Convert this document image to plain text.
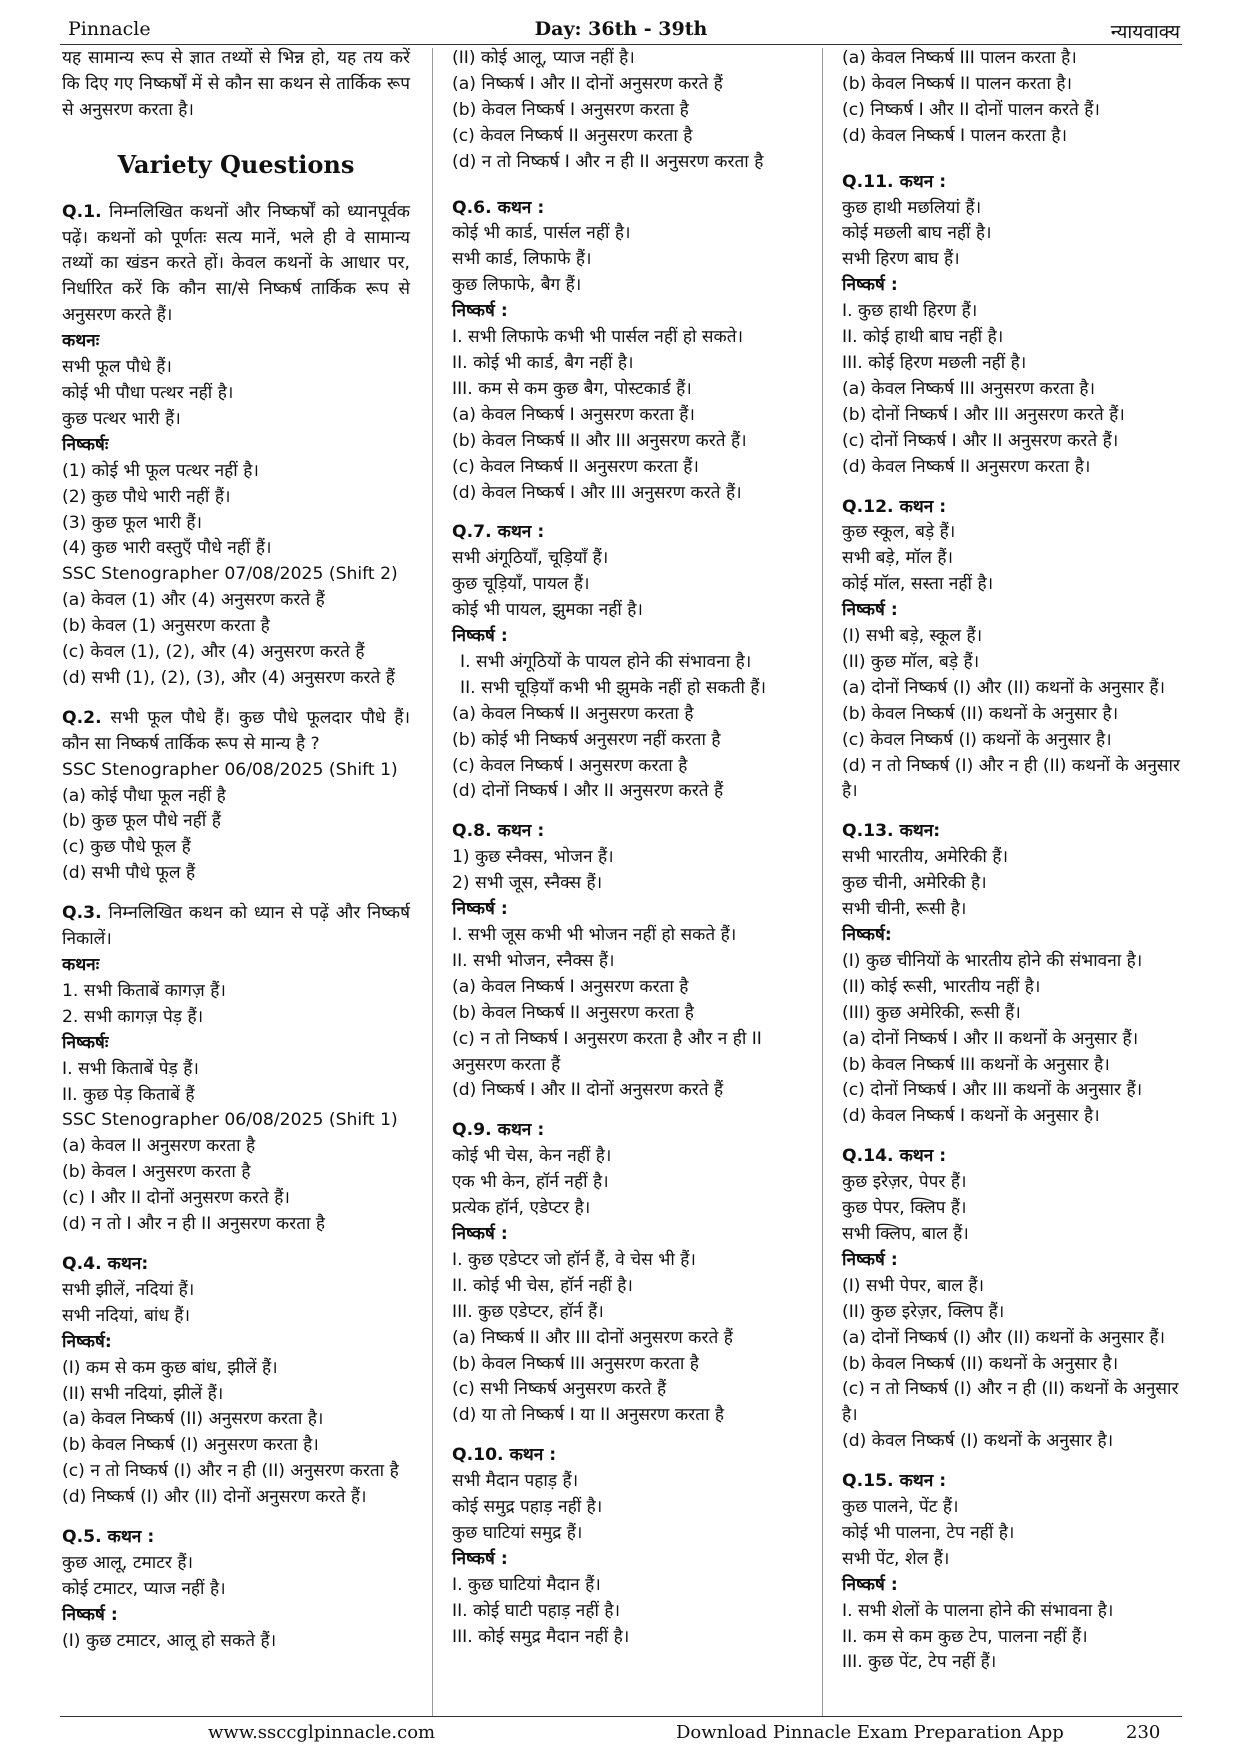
Pinnacle	Day: 36th - 39th	न्यायवाक्य

यह सामान्य रूप से ज्ञात तथ्यों से भिन्न हो, यह तय करें कि दिए गए निष्कर्षों में से कौन सा कथन से तार्किक रूप से अनुसरण करता है।

Variety Questions

Q.1. निम्नलिखित कथनों और निष्कर्षों को ध्यानपूर्वक पढ़ें। कथनों को पूर्णतः सत्य मानें, भले ही वे सामान्य तथ्यों का खंडन करते हों। केवल कथनों के आधार पर, निर्धारित करें कि कौन सा/से निष्कर्ष तार्किक रूप से अनुसरण करते हैं।

कथनः

सभी फूल पौधे हैं।

कोई भी पौधा पत्थर नहीं है।

कुछ पत्थर भारी हैं।

निष्कर्षः

(1) कोई भी फूल पत्थर नहीं है।

(2) कुछ पौधे भारी नहीं हैं।

(3) कुछ फूल भारी हैं।

(4) कुछ भारी वस्तुएँ पौधे नहीं हैं।

SSC Stenographer 07/08/2025 (Shift 2)

(a) केवल (1) और (4) अनुसरण करते हैं

(b) केवल (1) अनुसरण करता है

(c) केवल (1), (2), और (4) अनुसरण करते हैं

(d) सभी (1), (2), (3), और (4) अनुसरण करते हैं

Q.2. सभी फूल पौधे हैं। कुछ पौधे फूलदार पौधे हैं। कौन सा निष्कर्ष तार्किक रूप से मान्य है ?

SSC Stenographer 06/08/2025 (Shift 1)

(a) कोई पौधा फूल नहीं है

(b) कुछ फूल पौधे नहीं हैं

(c) कुछ पौधे फूल हैं

(d) सभी पौधे फूल हैं

Q.3. निम्नलिखित कथन को ध्यान से पढ़ें और निष्कर्ष निकालें।

कथनः

1. सभी किताबें कागज़ हैं।

2. सभी कागज़ पेड़ हैं।

निष्कर्षः

I. सभी किताबें पेड़ हैं।

II. कुछ पेड़ किताबें हैं

SSC Stenographer 06/08/2025 (Shift 1)

(a) केवल II अनुसरण करता है

(b) केवल I अनुसरण करता है

(c) I और II दोनों अनुसरण करते हैं।

(d) न तो I और न ही II अनुसरण करता है

Q.4. कथन:

सभी झीलें, नदियां हैं।

सभी नदियां, बांध हैं।

निष्कर्ष:

(I) कम से कम कुछ बांध, झीलें हैं।

(II) सभी नदियां, झीलें हैं।

(a) केवल निष्कर्ष (II) अनुसरण करता है।

(b) केवल निष्कर्ष (I) अनुसरण करता है।

(c) न तो निष्कर्ष (I) और न ही (II) अनुसरण करता है

(d) निष्कर्ष (I) और (II) दोनों अनुसरण करते हैं।

Q.5. कथन :

कुछ आलू, टमाटर हैं।

कोई टमाटर, प्याज नहीं है।

निष्कर्ष :

(I) कुछ टमाटर, आलू हो सकते हैं।

(II) कोई आलू, प्याज नहीं है।

(a) निष्कर्ष I और II दोनों अनुसरण करते हैं

(b) केवल निष्कर्ष I अनुसरण करता है

(c) केवल निष्कर्ष II अनुसरण करता है

(d) न तो निष्कर्ष I और न ही II अनुसरण करता है

Q.6. कथन :

कोई भी कार्ड, पार्सल नहीं है।

सभी कार्ड, लिफाफे हैं।

कुछ लिफाफे, बैग हैं।

निष्कर्ष :

I. सभी लिफाफे कभी भी पार्सल नहीं हो सकते।

II. कोई भी कार्ड, बैग नहीं है।

III. कम से कम कुछ बैग, पोस्टकार्ड हैं।

(a) केवल निष्कर्ष I अनुसरण करता हैं।

(b) केवल निष्कर्ष II और III अनुसरण करते हैं।

(c) केवल निष्कर्ष II अनुसरण करता हैं।

(d) केवल निष्कर्ष I और III अनुसरण करते हैं।

Q.7. कथन :

सभी अंगूठियाँ, चूड़ियाँ हैं।

कुछ चूड़ियाँ, पायल हैं।

कोई भी पायल, झुमका नहीं है।

निष्कर्ष :

I. सभी अंगूठियों के पायल होने की संभावना है।

II. सभी चूड़ियाँ कभी भी झुमके नहीं हो सकती हैं।

(a) केवल निष्कर्ष II अनुसरण करता है

(b) कोई भी निष्कर्ष अनुसरण नहीं करता है

(c) केवल निष्कर्ष I अनुसरण करता है

(d) दोनों निष्कर्ष I और II अनुसरण करते हैं

Q.8. कथन :

1) कुछ स्नैक्स, भोजन हैं।

2) सभी जूस, स्नैक्स हैं।

निष्कर्ष :

I. सभी जूस कभी भी भोजन नहीं हो सकते हैं।

II. सभी भोजन, स्नैक्स हैं।

(a) केवल निष्कर्ष I अनुसरण करता है

(b) केवल निष्कर्ष II अनुसरण करता है

(c) न तो निष्कर्ष I अनुसरण करता है और न ही II अनुसरण करता हैं

(d) निष्कर्ष I और II दोनों अनुसरण करते हैं

Q.9. कथन :

कोई भी चेस, केन नहीं है।

एक भी केन, हॉर्न नहीं है।

प्रत्येक हॉर्न, एडेप्टर है।

निष्कर्ष :

I. कुछ एडेप्टर जो हॉर्न हैं, वे चेस भी हैं।

II. कोई भी चेस, हॉर्न नहीं है।

III. कुछ एडेप्टर, हॉर्न हैं।

(a) निष्कर्ष II और III दोनों अनुसरण करते हैं

(b) केवल निष्कर्ष III अनुसरण करता है

(c) सभी निष्कर्ष अनुसरण करते हैं

(d) या तो निष्कर्ष I या II अनुसरण करता है

Q.10. कथन :

सभी मैदान पहाड़ हैं।

कोई समुद्र पहाड़ नहीं है।

कुछ घाटियां समुद्र हैं।

निष्कर्ष :

I. कुछ घाटियां मैदान हैं।

II. कोई घाटी पहाड़ नहीं है।

III. कोई समुद्र मैदान नहीं है।

(a) केवल निष्कर्ष III पालन करता है।

(b) केवल निष्कर्ष II पालन करता है।

(c) निष्कर्ष I और II दोनों पालन करते हैं।

(d) केवल निष्कर्ष I पालन करता है।

Q.11. कथन :

कुछ हाथी मछलियां हैं।

कोई मछली बाघ नहीं है।

सभी हिरण बाघ हैं।

निष्कर्ष :

I. कुछ हाथी हिरण हैं।

II. कोई हाथी बाघ नहीं है।

III. कोई हिरण मछली नहीं है।

(a) केवल निष्कर्ष III अनुसरण करता है।

(b) दोनों निष्कर्ष I और III अनुसरण करते हैं।

(c) दोनों निष्कर्ष I और II अनुसरण करते हैं।

(d) केवल निष्कर्ष II अनुसरण करता है।

Q.12. कथन :

कुछ स्कूल, बड़े हैं।

सभी बड़े, मॉल हैं।

कोई मॉल, सस्ता नहीं है।

निष्कर्ष :

(I) सभी बड़े, स्कूल हैं।

(II) कुछ मॉल, बड़े हैं।

(a) दोनों निष्कर्ष (I) और (II) कथनों के अनुसार हैं।

(b) केवल निष्कर्ष (II) कथनों के अनुसार है।

(c) केवल निष्कर्ष (I) कथनों के अनुसार है।

(d) न तो निष्कर्ष (I) और न ही (II) कथनों के अनुसार है।

Q.13. कथन:

सभी भारतीय, अमेरिकी हैं।

कुछ चीनी, अमेरिकी है।

सभी चीनी, रूसी है।

निष्कर्ष:

(I) कुछ चीनियों के भारतीय होने की संभावना है।

(II) कोई रूसी, भारतीय नहीं है।

(III) कुछ अमेरिकी, रूसी हैं।

(a) दोनों निष्कर्ष I और II कथनों के अनुसार हैं।

(b) केवल निष्कर्ष III कथनों के अनुसार है।

(c) दोनों निष्कर्ष I और III कथनों के अनुसार हैं।

(d) केवल निष्कर्ष I कथनों के अनुसार है।

Q.14. कथन :

कुछ इरेज़र, पेपर हैं।

कुछ पेपर, क्लिप हैं।

सभी क्लिप, बाल हैं।

निष्कर्ष :

(I) सभी पेपर, बाल हैं।

(II) कुछ इरेज़र, क्लिप हैं।

(a) दोनों निष्कर्ष (I) और (II) कथनों के अनुसार हैं।

(b) केवल निष्कर्ष (II) कथनों के अनुसार है।

(c) न तो निष्कर्ष (I) और न ही (II) कथनों के अनुसार है।

(d) केवल निष्कर्ष (I) कथनों के अनुसार है।

Q.15. कथन :

कुछ पालने, पेंट हैं।

कोई भी पालना, टेप नहीं है।

सभी पेंट, शेल हैं।

निष्कर्ष :

I. सभी शेलों के पालना होने की संभावना है।

II. कम से कम कुछ टेप, पालना नहीं हैं।

III. कुछ पेंट, टेप नहीं हैं।

www.ssccglpinnacle.com	Download Pinnacle Exam Preparation App	230
